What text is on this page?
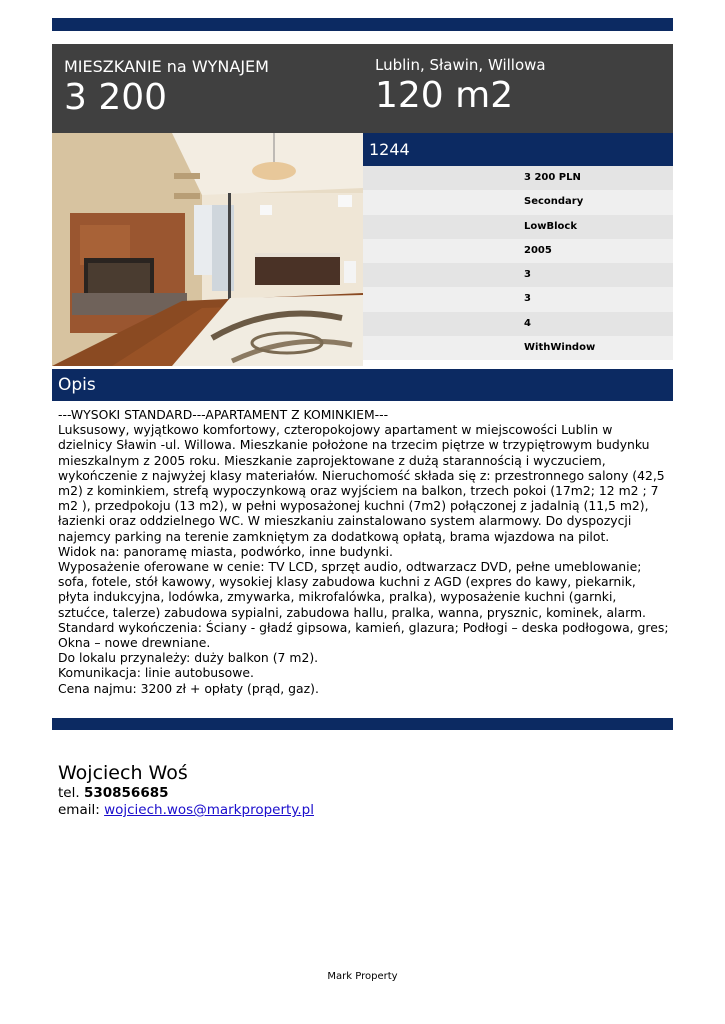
MIESZKANIE na WYNAJEM
3 200
Lublin, Sławin, Willowa
120 m2
1244
3 200 PLN
Secondary
LowBlock
2005
3
3
4
WithWindow
Opis

---WYSOKI STANDARD---APARTAMENT Z KOMINKIEM---

Luksusowy, wyjątkowo komfortowy, czteropokojowy apartament w miejscowości Lublin w dzielnicy Sławin -ul. Willowa. Mieszkanie położone na trzecim piętrze w trzypiętrowym budynku mieszkalnym z 2005 roku. Mieszkanie zaprojektowane z dużą starannością i wyczuciem, wykończenie z najwyżej klasy materiałów. Nieruchomość składa się z: przestronnego salony (42,5 m2) z kominkiem, strefą wypoczynkową oraz wyjściem na balkon, trzech pokoi (17m2; 12 m2 ; 7 m2 ), przedpokoju (13 m2), w pełni wyposażonej kuchni (7m2) połączonej z jadalnią (11,5 m2), łazienki oraz oddzielnego WC. W mieszkaniu zainstalowano system alarmowy. Do dyspozycji najemcy parking na terenie zamkniętym za dodatkową opłatą, brama wjazdowa na pilot.

Widok na: panoramę miasta, podwórko, inne budynki.

Wyposażenie oferowane w cenie: TV LCD, sprzęt audio, odtwarzacz DVD, pełne umeblowanie; sofa, fotele, stół kawowy, wysokiej klasy zabudowa kuchni z AGD (expres do kawy, piekarnik, płyta indukcyjna, lodówka, zmywarka, mikrofalówka, pralka), wyposażenie kuchni (garnki, sztućce, talerze) zabudowa sypialni, zabudowa hallu, pralka, wanna, prysznic, kominek, alarm.

Standard wykończenia: Ściany - gładź gipsowa, kamień, glazura; Podłogi – deska podłogowa, gres; Okna – nowe drewniane.

Do lokalu przynależy: duży balkon (7 m2).

Komunikacja: linie autobusowe.

Cena najmu: 3200 zł + opłaty (prąd, gaz).

Wojciech Woś
tel. 530856685
email: wojciech.wos@markproperty.pl
Mark Property
